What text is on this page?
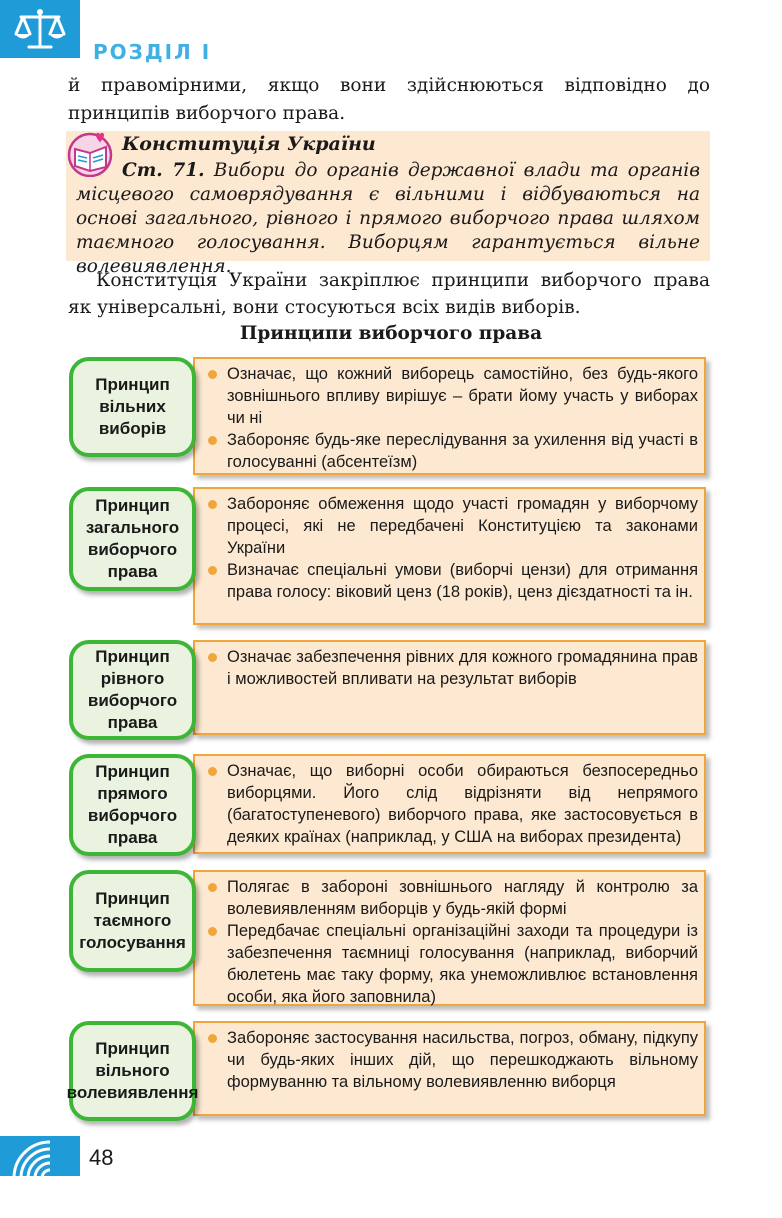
РОЗДІЛ І

й правомірними, якщо вони здійснюються відповідно до принципів виборчого права.

Конституція України

Ст. 71. Вибори до органів державної влади та органів місцевого самоврядування є вільними і відбуваються на основі загального, рівного і прямого виборчого права шляхом таємного голосування. Виборцям гарантується вільне волевиявлення.

Конституція України закріплює принципи виборчого права як універсальні, вони стосуються всіх видів виборів.

Принципи виборчого права

Означає, що кожний виборець самостійно, без будь-якого зовнішнього впливу вирішує – брати йому участь у виборах чи ні

Забороняє будь-яке переслідування за ухилення від участі в голосуванні (абсентеїзм)

Принцип вільних виборів

Забороняє обмеження щодо участі громадян у виборчому процесі, які не передбачені Конституцією та законами України

Визначає спеціальні умови (виборчі цензи) для отримання права голосу: віковий ценз (18 років), ценз дієздатності та ін.

Принцип загального виборчого права

Означає забезпечення рівних для кожного громадянина прав і можливостей впливати на результат виборів

Принцип рівного виборчого права

Означає, що виборні особи обираються безпосередньо виборцями. Його слід відрізняти від непрямого (багатоступеневого) виборчого права, яке застосовується в деяких країнах (наприклад, у США на виборах президента)

Принцип прямого виборчого права

Полягає в забороні зовнішнього нагляду й контролю за волевиявленням виборців у будь-якій формі

Передбачає спеціальні організаційні заходи та процедури із забезпечення таємниці голосування (наприклад, виборчий бюлетень має таку форму, яка унеможливлює встановлення особи, яка його заповнила)

Принцип таємного голосування

Забороняє застосування насильства, погроз, обману, підкупу чи будь-яких інших дій, що перешкоджають вільному формуванню та вільному волевиявленню виборця

Принцип вільного волевиявлення
48
